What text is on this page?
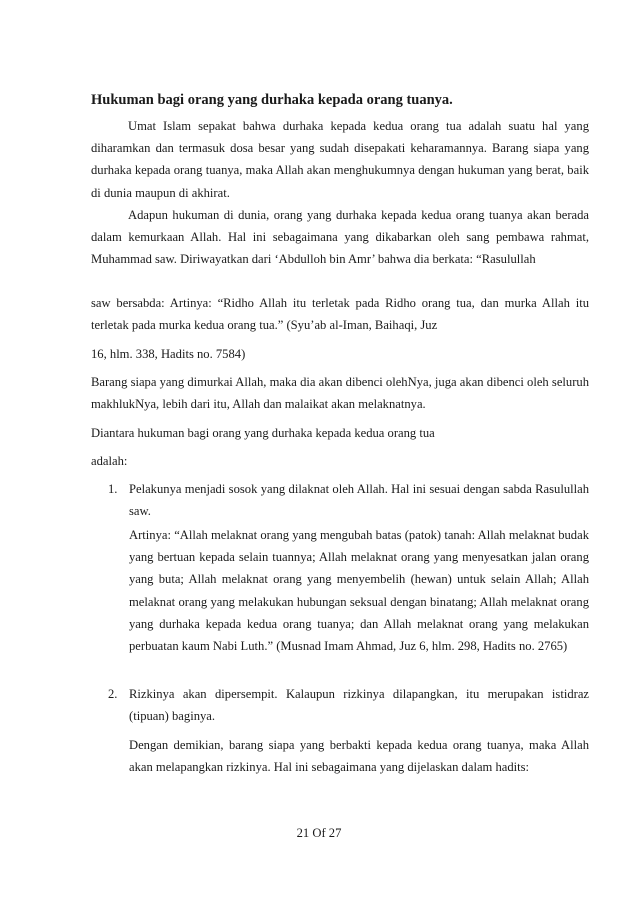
Hukuman bagi orang yang durhaka kepada orang tuanya.

Umat Islam sepakat bahwa durhaka kepada kedua orang tua adalah suatu hal yang diharamkan dan termasuk dosa besar yang sudah disepakati keharamannya. Barang siapa yang durhaka kepada orang tuanya, maka Allah akan menghukumnya dengan hukuman yang berat, baik di dunia maupun di akhirat.

Adapun hukuman di dunia, orang yang durhaka kepada kedua orang tuanya akan berada dalam kemurkaan Allah. Hal ini sebagaimana yang dikabarkan oleh sang pembawa rahmat, Muhammad saw. Diriwayatkan dari ‘Abdulloh bin Amr’ bahwa dia berkata: “Rasulullah

saw bersabda: Artinya: “Ridho Allah itu terletak pada Ridho orang tua, dan murka Allah itu terletak pada murka kedua orang tua.” (Syu’ab al-Iman, Baihaqi, Juz

16, hlm. 338, Hadits no. 7584)

Barang siapa yang dimurkai Allah, maka dia akan dibenci olehNya, juga akan dibenci oleh seluruh makhlukNya, lebih dari itu, Allah dan malaikat akan melaknatnya.

Diantara hukuman bagi orang yang durhaka kepada kedua orang tua

adalah:

1. Pelakunya menjadi sosok yang dilaknat oleh Allah. Hal ini sesuai dengan sabda Rasulullah saw.

Artinya: “Allah melaknat orang yang mengubah batas (patok) tanah: Allah melaknat budak yang bertuan kepada selain tuannya; Allah melaknat orang yang menyesatkan jalan orang yang buta; Allah melaknat orang yang menyembelih (hewan) untuk selain Allah; Allah melaknat orang yang melakukan hubungan seksual dengan binatang; Allah melaknat orang yang durhaka kepada kedua orang tuanya; dan Allah melaknat orang yang melakukan perbuatan kaum Nabi Luth.” (Musnad Imam Ahmad, Juz 6, hlm. 298, Hadits no. 2765)

2. Rizkinya akan dipersempit. Kalaupun rizkinya dilapangkan, itu merupakan istidraz (tipuan) baginya.

Dengan demikian, barang siapa yang berbakti kepada kedua orang tuanya, maka Allah akan melapangkan rizkinya. Hal ini sebagaimana yang dijelaskan dalam hadits:

21 Of 27
